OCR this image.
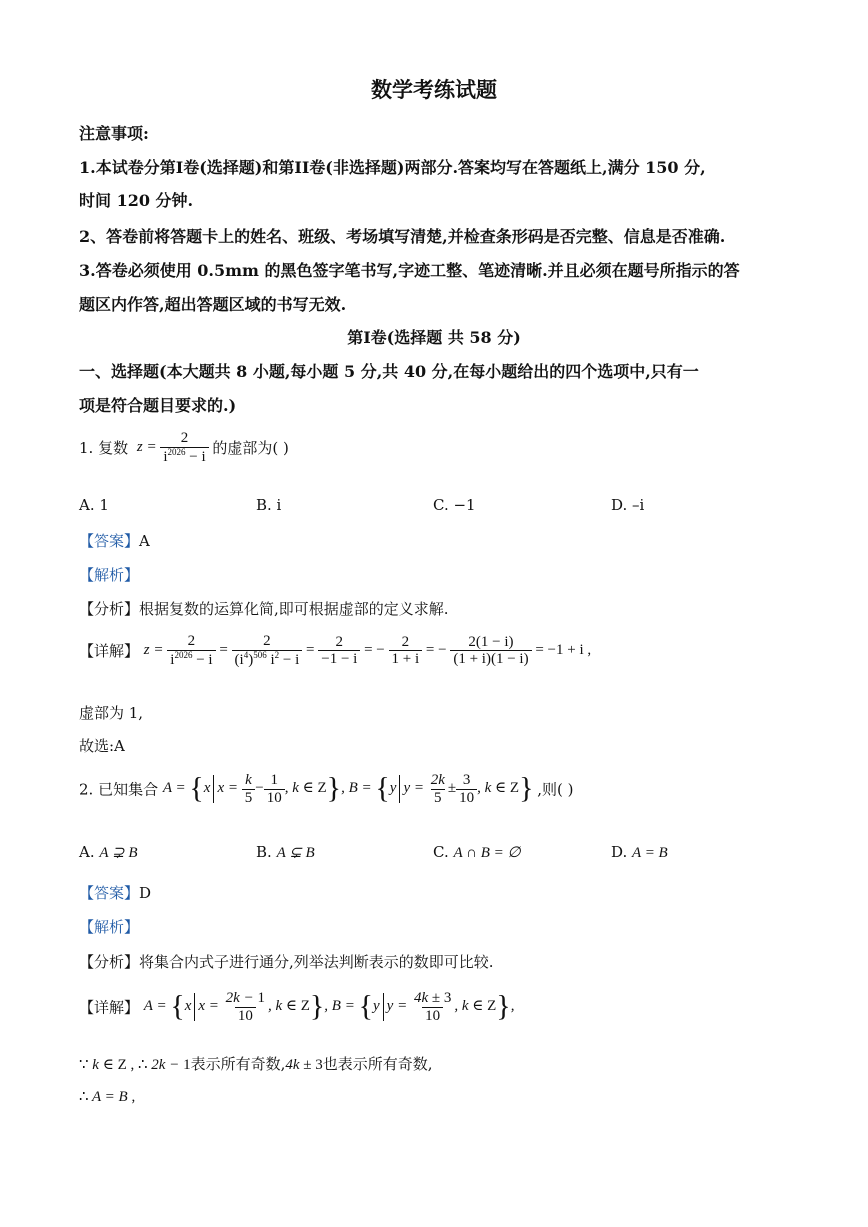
数学考练试题
注意事项:
1.本试卷分第I卷(选择题)和第II卷(非选择题)两部分.答案均写在答题纸上,满分 150 分,
时间 120 分钟.
2、答卷前将答题卡上的姓名、班级、考场填写清楚,并检查条形码是否完整、信息是否准确.
3.答卷必须使用 0.5mm 的黑色签字笔书写,字迹工整、笔迹清晰.并且必须在题号所指示的答
题区内作答,超出答题区域的书写无效.
第I卷(选择题 共 58 分)
一、选择题(本大题共 8 小题,每小题 5 分,共 40 分,在每小题给出的四个选项中,只有一
项是符合题目要求的.)
1. 复数 $z = \frac{2}{i^{2026} - i}$ 的虚部为( )
A. 1	B. i	C. −1	D. –i
【答案】A
【解析】
【分析】根据复数的运算化简,即可根据虚部的定义求解.
【详解】 $z = \frac{2}{i^{2026} - i} = \frac{2}{(i^4)^{506} i^2 - i} = \frac{2}{-1 - i}$ = − $\frac{2}{1 + i}$ = − $\frac{2(1 - i)}{(1 + i)(1 - i)} = -1 + i$ ,
虚部为 1,
故选:A
2. 已知集合 A = {x $x = \frac{k}{5} - \frac{1}{10}$ , k ∈ Z}, B = {y $y = \frac{2k}{5} \pm \frac{3}{10}$ , k ∈ Z} ,则( )
A. A ⊋ B	B. A ⊊ B	C. A ∩ B = ∅	D. A = B
【答案】D
【解析】
【分析】将集合内式子进行通分,列举法判断表示的数即可比较.
【详解】 A = {x $x = \frac{2k - 1}{10}$ , k ∈ Z}, B = {y $y = \frac{4k \pm 3}{10}$ , k ∈ Z},
∵ k ∈ Z , ∴ 2k − 1表示所有奇数,4k ± 3也表示所有奇数,
∴ A = B ,
